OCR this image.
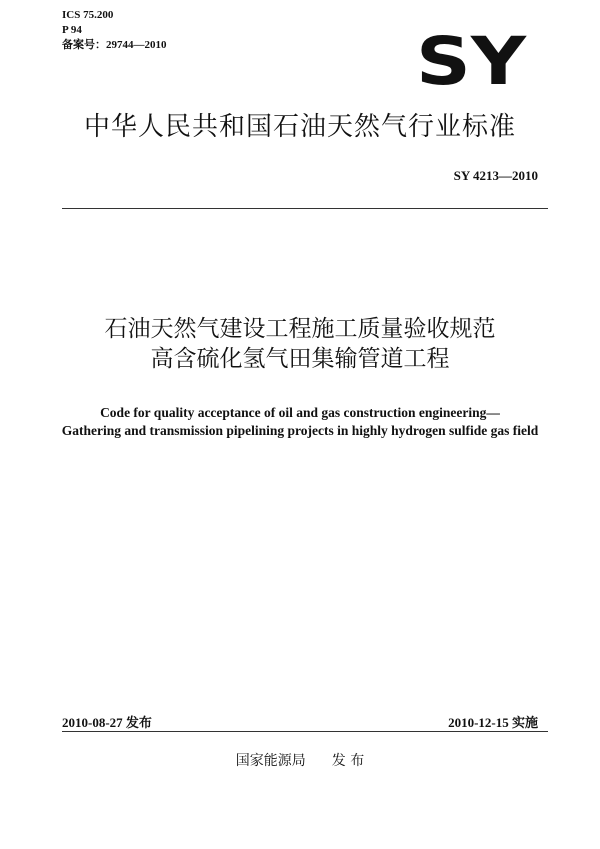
ICS 75.200
P 94
备案号：29744—2010	SY
中华人民共和国石油天然气行业标准
SY 4213—2010
石油天然气建设工程施工质量验收规范
高含硫化氢气田集输管道工程
Code for quality acceptance of oil and gas construction engineering—
Gathering and transmission pipelining projects in highly hydrogen sulfide gas field
2010-08-27 发布	2010-12-15 实施
国家能源局 发 布
